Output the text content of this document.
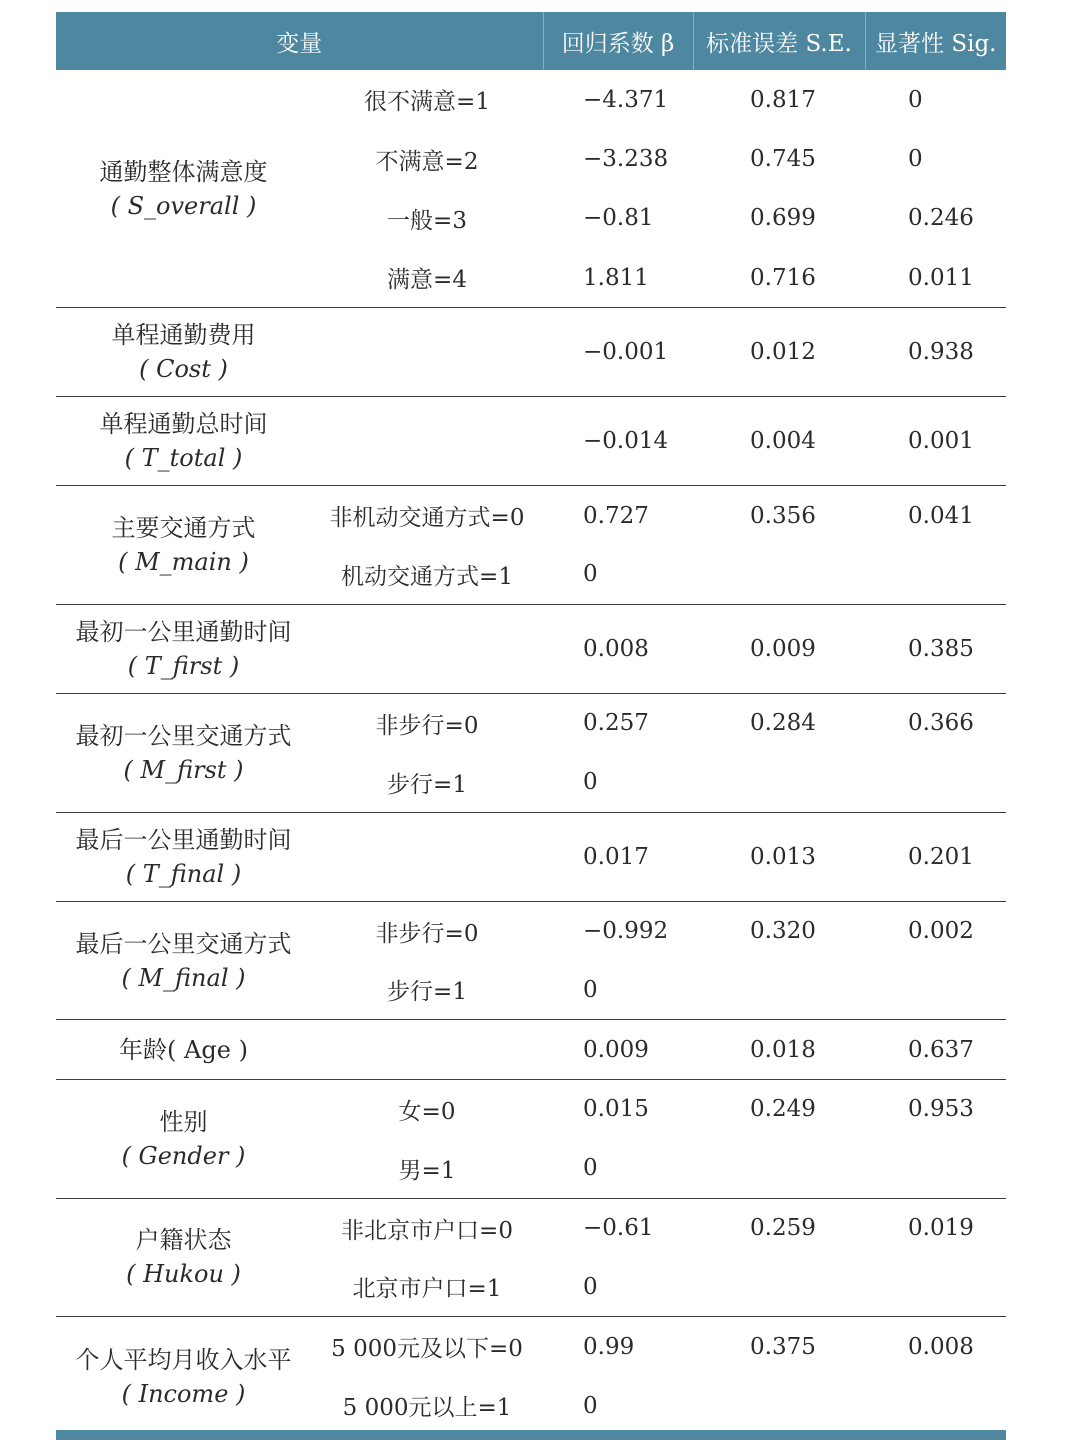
变量		回归系数 β	标准误差 S.E.	显著性 Sig.

通勤整体满意度
( S_overall )	很不满意=1	−4.371	0.817	0
	不满意=2	−3.238	0.745	0
	一般=3	−0.81	0.699	0.246
	满意=4	1.811	0.716	0.011

单程通勤费用
( Cost )		−0.001	0.012	0.938

单程通勤总时间
( T_total )		−0.014	0.004	0.001

主要交通方式
( M_main )	非机动交通方式=0	0.727	0.356	0.041
	机动交通方式=1	0		

最初一公里通勤时间
( T_first )		0.008	0.009	0.385

最初一公里交通方式
( M_first )	非步行=0	0.257	0.284	0.366
	步行=1	0		

最后一公里通勤时间
( T_final )		0.017	0.013	0.201

最后一公里交通方式
( M_final )	非步行=0	−0.992	0.320	0.002
	步行=1	0		

年龄( Age )		0.009	0.018	0.637

性别
( Gender )	女=0	0.015	0.249	0.953
	男=1	0		

户籍状态
( Hukou )	非北京市户口=0	−0.61	0.259	0.019
	北京市户口=1	0		

个人平均月收入水平
( Income )	5 000元及以下=0	0.99	0.375	0.008
	5 000元以上=1	0		
